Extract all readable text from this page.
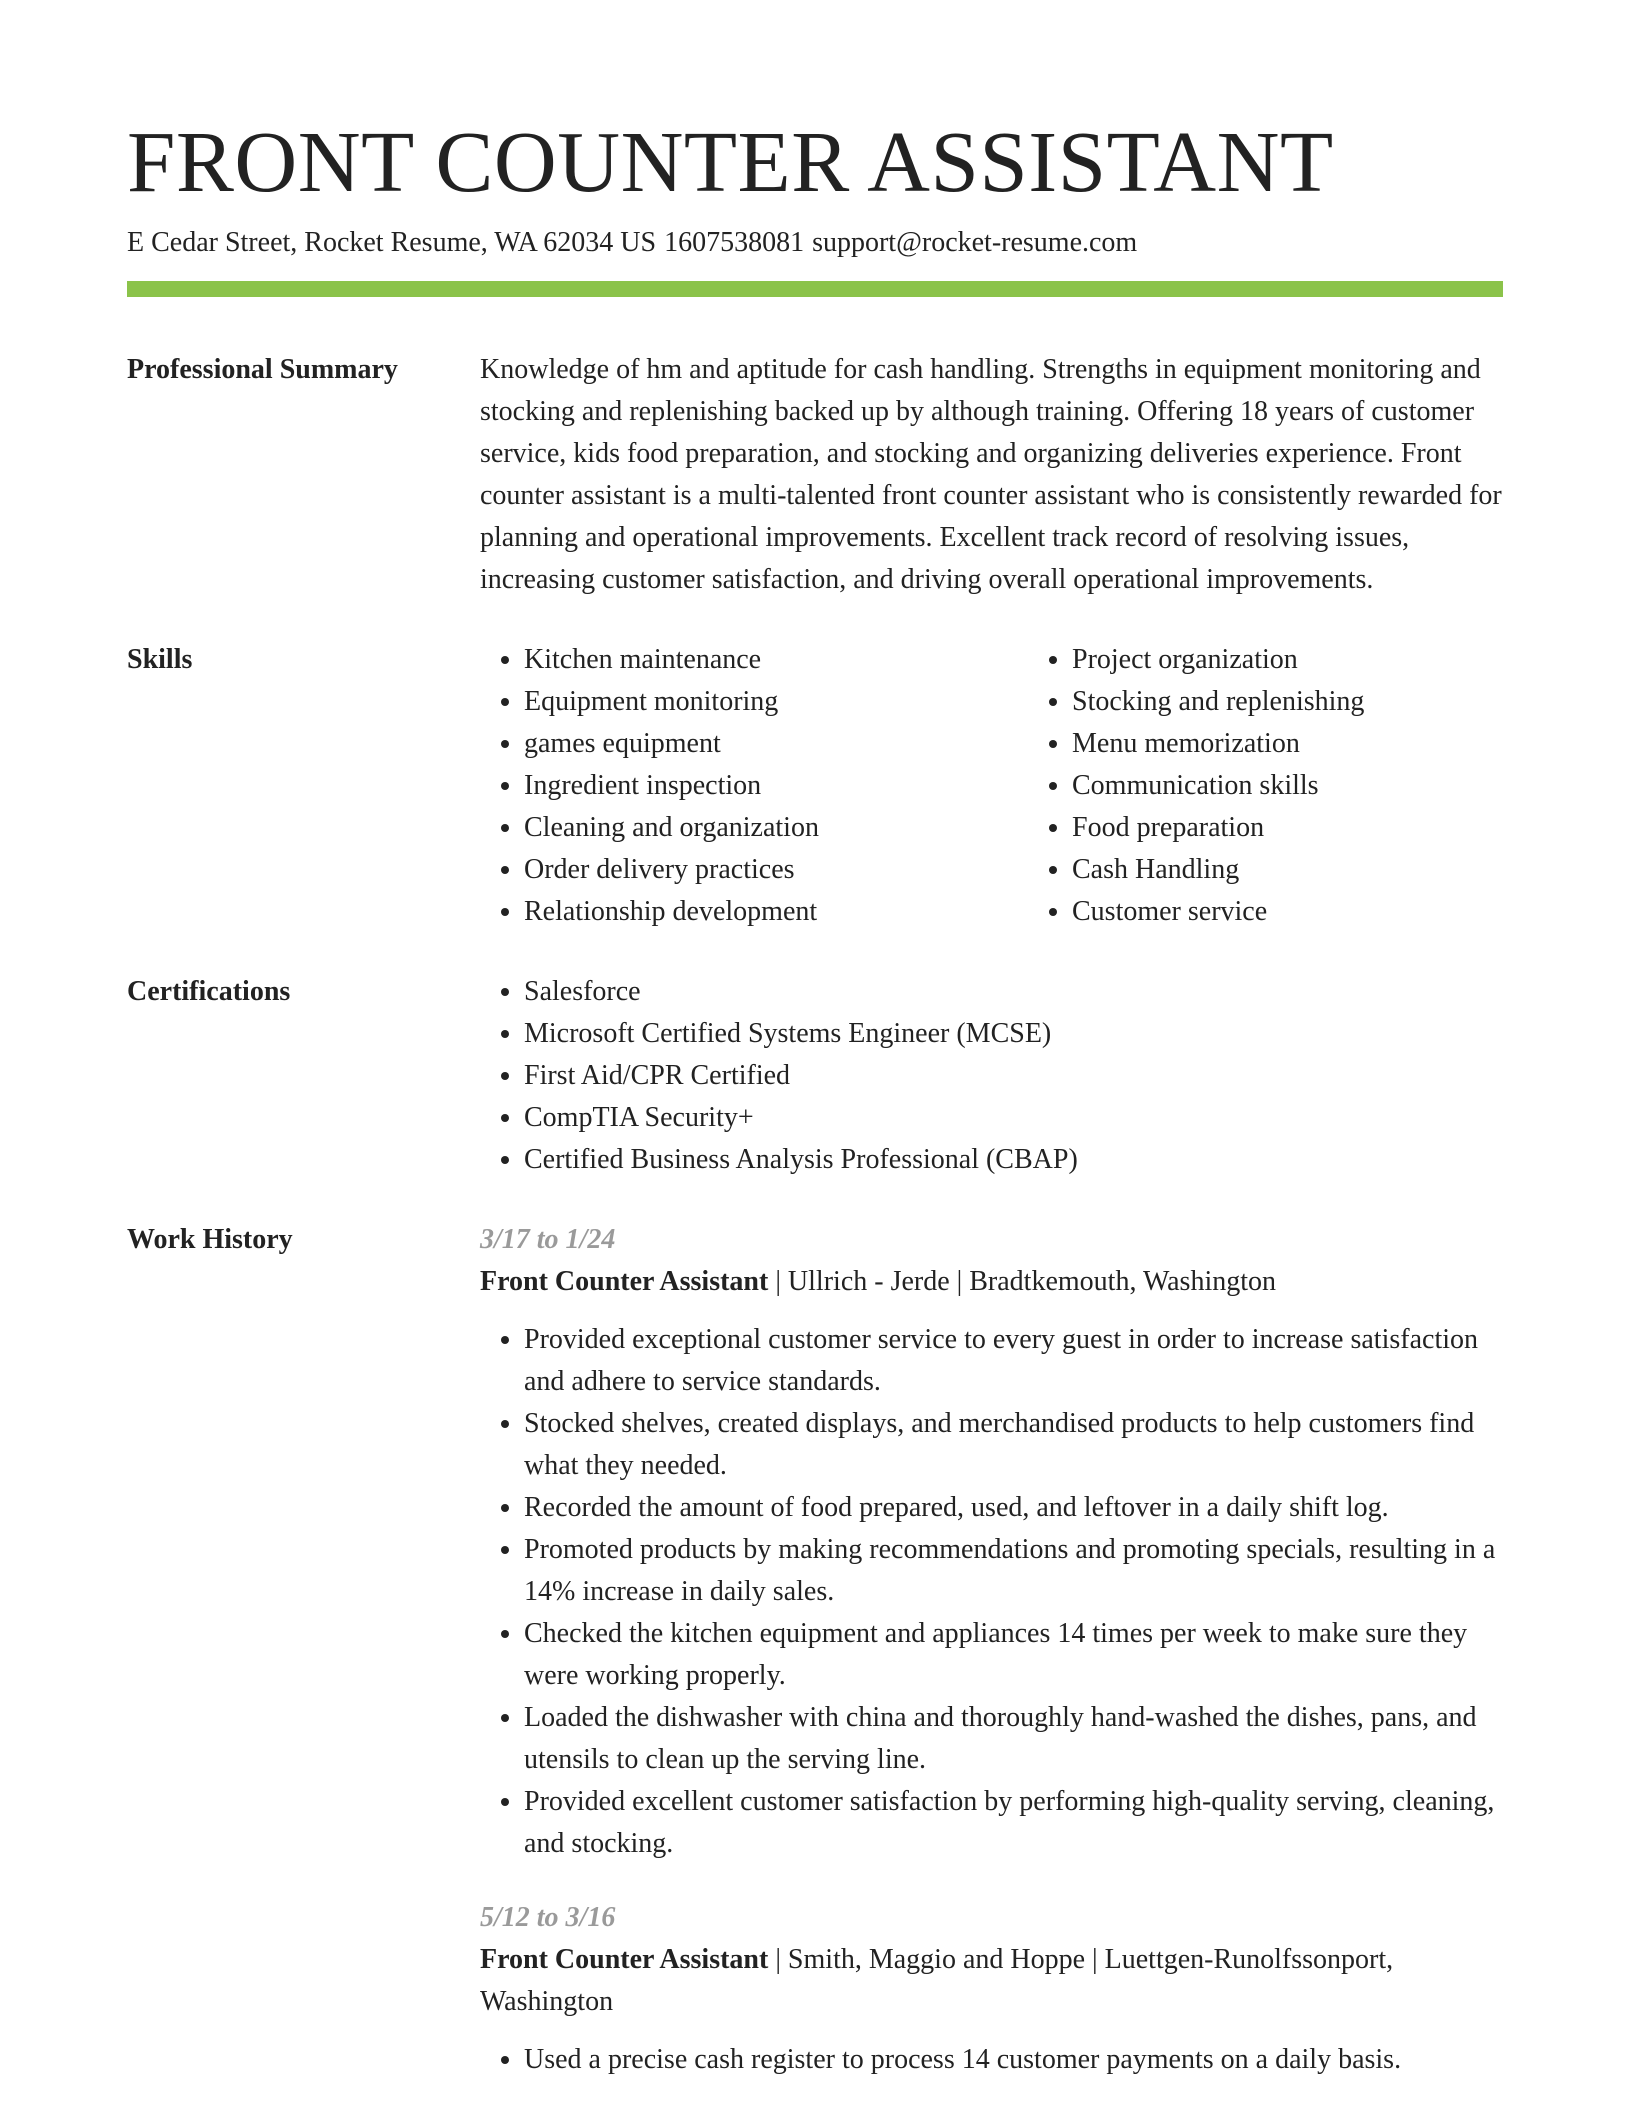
FRONT COUNTER ASSISTANT
E Cedar Street, Rocket Resume, WA 62034 US 1607538081 support@rocket-resume.com
Professional Summary	Knowledge of hm and aptitude for cash handling. Strengths in equipment monitoring and stocking and replenishing backed up by although training. Offering 18 years of customer service, kids food preparation, and stocking and organizing deliveries experience. Front counter assistant is a multi-talented front counter assistant who is consistently rewarded for planning and operational improvements. Excellent track record of resolving issues, increasing customer satisfaction, and driving overall operational improvements.

Skills	• Kitchen maintenance
• Equipment monitoring
• games equipment
• Ingredient inspection
• Cleaning and organization
• Order delivery practices
• Relationship development
• Project organization
• Stocking and replenishing
• Menu memorization
• Communication skills
• Food preparation
• Cash Handling
• Customer service
Certifications	• Salesforce
• Microsoft Certified Systems Engineer (MCSE)
• First Aid/CPR Certified
• CompTIA Security+
• Certified Business Analysis Professional (CBAP)
Work History	3/17 to 1/24
Front Counter Assistant | Ullrich - Jerde | Bradtkemouth, Washington
• Provided exceptional customer service to every guest in order to increase satisfaction and adhere to service standards.
• Stocked shelves, created displays, and merchandised products to help customers find what they needed.
• Recorded the amount of food prepared, used, and leftover in a daily shift log.
• Promoted products by making recommendations and promoting specials, resulting in a 14% increase in daily sales.
• Checked the kitchen equipment and appliances 14 times per week to make sure they were working properly.
• Loaded the dishwasher with china and thoroughly hand-washed the dishes, pans, and utensils to clean up the serving line.
• Provided excellent customer satisfaction by performing high-quality serving, cleaning, and stocking.
5/12 to 3/16
Front Counter Assistant | Smith, Maggio and Hoppe | Luettgen-Runolfssonport, Washington
• Used a precise cash register to process 14 customer payments on a daily basis.
